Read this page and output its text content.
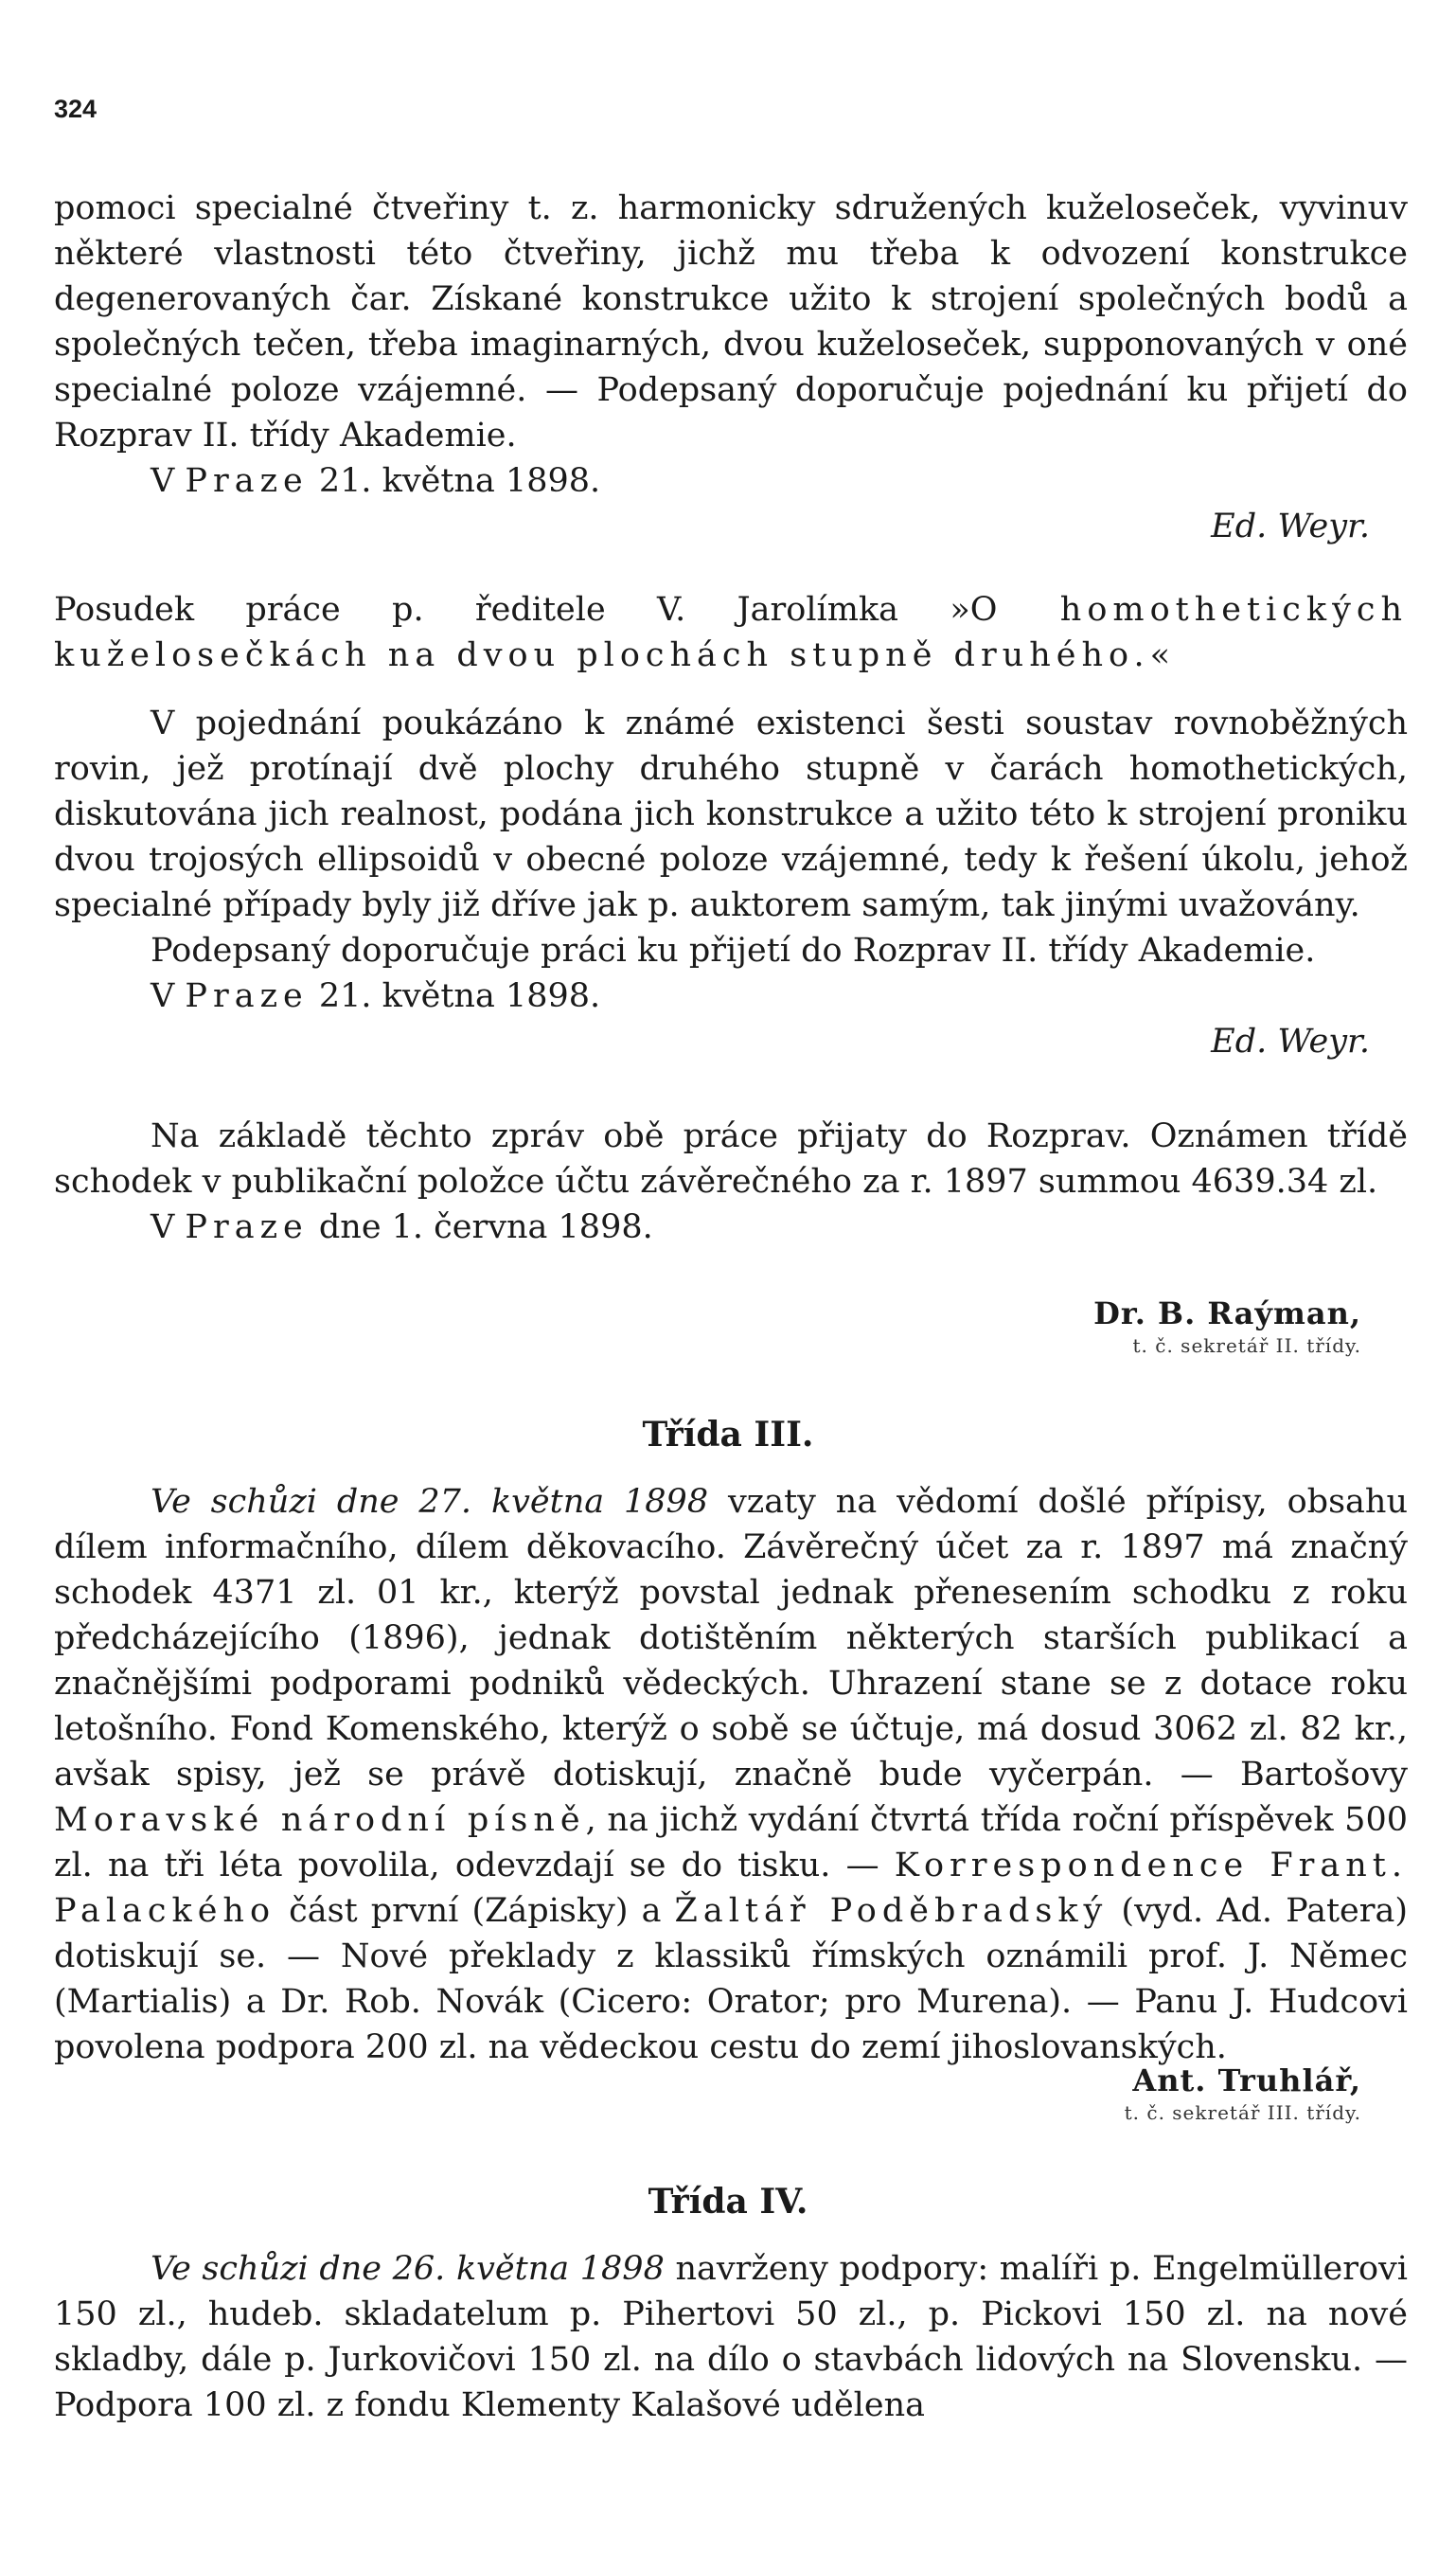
324

pomoci specialné čtveřiny t. z. harmonicky sdružených kuželoseček, vyvinuv některé vlastnosti této čtveřiny, jichž mu třeba k odvození konstrukce degenerovaných čar. Získané konstrukce užito k strojení společných bodů a společných tečen, třeba imaginarných, dvou kuželoseček, supponovaných v oné specialné poloze vzájemné. — Podepsaný doporučuje pojednání ku přijetí do Rozprav II. třídy Akademie.

V Praze 21. května 1898.

Ed. Weyr.

Posudek práce p. ředitele V. Jarolímka »O homothetických kuželosečkách na dvou plochách stupně druhého.«

V pojednání poukázáno k známé existenci šesti soustav rovnoběžných rovin, jež protínají dvě plochy druhého stupně v čarách homothetických, diskutována jich realnost, podána jich konstrukce a užito této k strojení proniku dvou trojosých ellipsoidů v obecné poloze vzájemné, tedy k řešení úkolu, jehož specialné případy byly již dříve jak p. auktorem samým, tak jinými uvažovány.

Podepsaný doporučuje práci ku přijetí do Rozprav II. třídy Akademie.

V Praze 21. května 1898.

Ed. Weyr.

Na základě těchto zpráv obě práce přijaty do Rozprav. Oznámen třídě schodek v publikační položce účtu závěrečného za r. 1897 summou 4639.34 zl.

V Praze dne 1. června 1898.

Dr. B. Raýman,
t. č. sekretář II. třídy.
Třída III.

Ve schůzi dne 27. května 1898 vzaty na vědomí došlé přípisy, obsahu dílem informačního, dílem děkovacího. Závěrečný účet za r. 1897 má značný schodek 4371 zl. 01 kr., kterýž povstal jednak přenesením schodku z roku předcházejícího (1896), jednak dotištěním některých starších publikací a značnějšími podporami podniků vědeckých. Uhrazení stane se z dotace roku letošního. Fond Komenského, kterýž o sobě se účtuje, má dosud 3062 zl. 82 kr., avšak spisy, jež se právě dotiskují, značně bude vyčerpán. — Bartošovy Moravské národní písně, na jichž vydání čtvrtá třída roční příspěvek 500 zl. na tři léta povolila, odevzdají se do tisku. — Korrespondence Frant. Palackého část první (Zápisky) a Žaltář Poděbradský (vyd. Ad. Patera) dotiskují se. — Nové překlady z klassiků římských oznámili prof. J. Němec (Martialis) a Dr. Rob. Novák (Cicero: Orator; pro Murena). — Panu J. Hudcovi povolena podpora 200 zl. na vědeckou cestu do zemí jihoslovanských.

Ant. Truhlář,
t. č. sekretář III. třídy.
Třída IV.

Ve schůzi dne 26. května 1898 navrženy podpory: malíři p. Engelmüllerovi 150 zl., hudeb. skladatelum p. Pihertovi 50 zl., p. Pickovi 150 zl. na nové skladby, dále p. Jurkovičovi 150 zl. na dílo o stavbách lidových na Slovensku. — Podpora 100 zl. z fondu Klementy Kalašové udělena
